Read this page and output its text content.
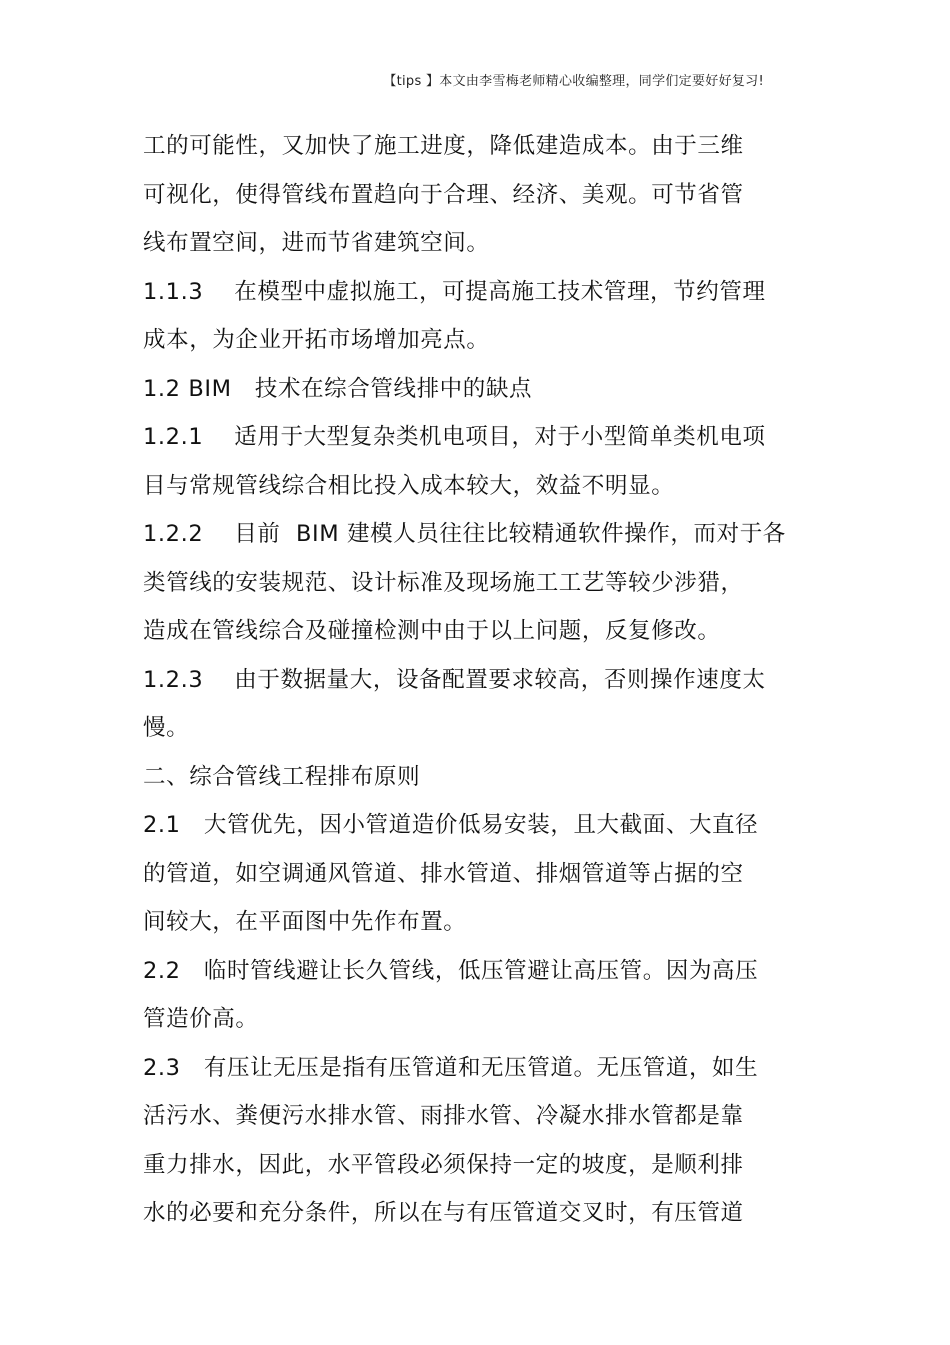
【tips 】本文由李雪梅老师精心收编整理，同学们定要好好复习!
工的可能性，又加快了施工进度，降低建造成本。由于三维
可视化，使得管线布置趋向于合理、经济、美观。可节省管
线布置空间，进而节省建筑空间。
1.1.3    在模型中虚拟施工，可提高施工技术管理，节约管理
成本，为企业开拓市场增加亮点。
1.2 BIM   技术在综合管线排中的缺点
1.2.1    适用于大型复杂类机电项目，对于小型简单类机电项
目与常规管线综合相比投入成本较大，效益不明显。
1.2.2    目前  BIM 建模人员往往比较精通软件操作，而对于各
类管线的安装规范、设计标准及现场施工工艺等较少涉猎，
造成在管线综合及碰撞检测中由于以上问题，反复修改。
1.2.3    由于数据量大，设备配置要求较高，否则操作速度太
慢。
二、综合管线工程排布原则
2.1   大管优先，因小管道造价低易安装，且大截面、大直径
的管道，如空调通风管道、排水管道、排烟管道等占据的空
间较大，在平面图中先作布置。
2.2   临时管线避让长久管线，低压管避让高压管。因为高压
管造价高。
2.3   有压让无压是指有压管道和无压管道。无压管道，如生
活污水、粪便污水排水管、雨排水管、冷凝水排水管都是靠
重力排水，因此，水平管段必须保持一定的坡度，是顺利排
水的必要和充分条件，所以在与有压管道交叉时，有压管道
